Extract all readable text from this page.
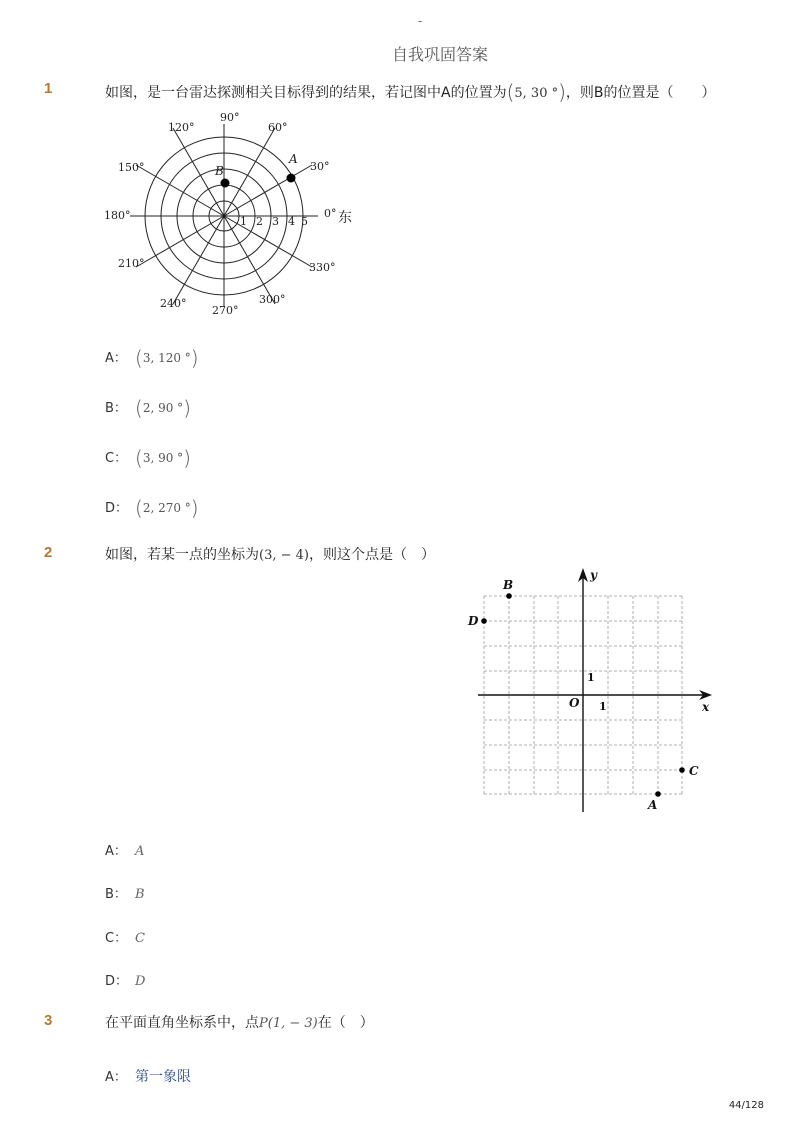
-
自我巩固答案
1	如图，是一台雷达探测相关目标得到的结果，若记图中A的位置为(5, 30 °)，则B的位置是（　　）
90°
60°
30°
0°
120°
150°
180°
210°
240°
270°
300°
330°
1 2 3 4 5 东
A
B
A： (3, 120 °)
B： (2, 90 °)
C： (3, 90 °)
D： (2, 270 °)
2	如图，若某一点的坐标为(3, − 4)，则这个点是（　）
B
D
C
A
y
x
O 1
1
A： A
B： B
C： C
D： D
3	在平面直角坐标系中，点P(1, − 3)在（　）
A： 第一象限
44/128
